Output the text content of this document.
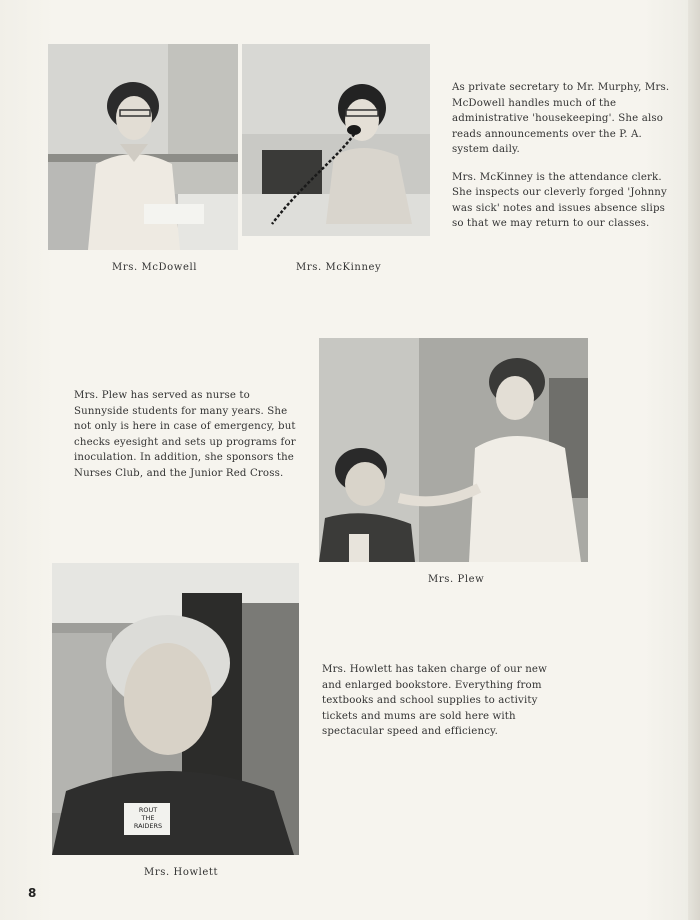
Mrs. McDowell	Mrs. McKinney

As private secretary to Mr. Murphy, Mrs. McDowell handles much of the administrative 'housekeeping'. She also reads announcements over the P. A. system daily.

Mrs. McKinney is the attendance clerk. She inspects our cleverly forged 'Johnny was sick' notes and issues absence slips so that we may return to our classes.

Mrs. Plew
Mrs. Plew has served as nurse to Sunnyside students for many years. She not only is here in case of emergency, but checks eyesight and sets up programs for inoculation. In addition, she sponsors the Nurses Club, and the Junior Red Cross.
ROUT
THE
RAIDERS
Mrs. Howlett
Mrs. Howlett has taken charge of our new and enlarged bookstore. Everything from textbooks and school supplies to activity tickets and mums are sold here with spectacular speed and efficiency.
8
